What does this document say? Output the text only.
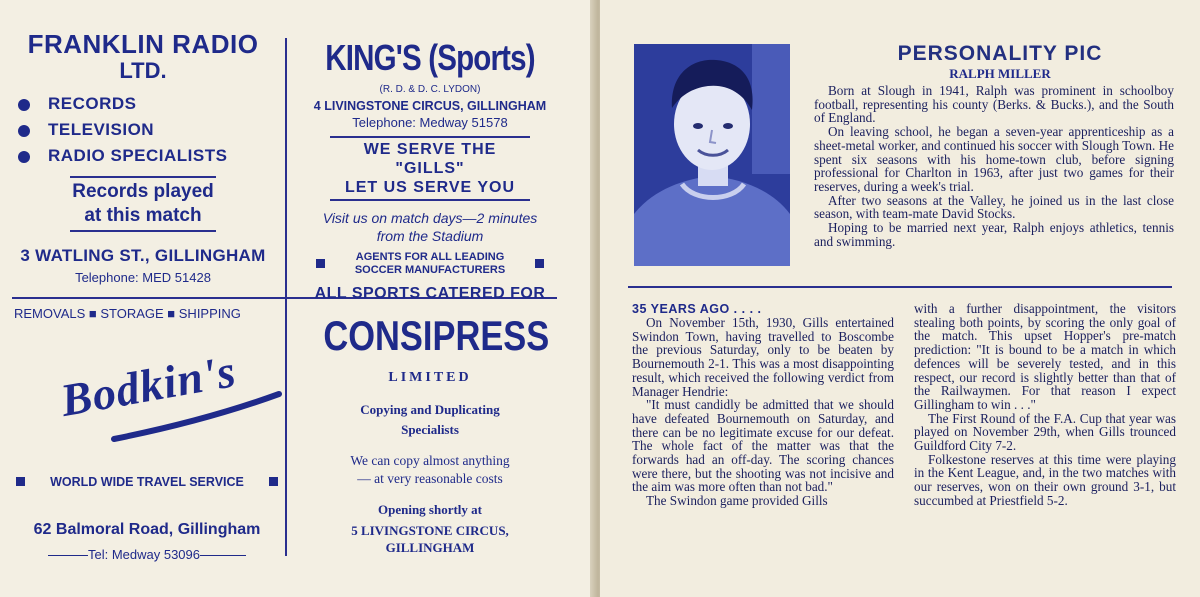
FRANKLIN RADIO
LTD.
RECORDS
TELEVISION
RADIO SPECIALISTS
Records played
at this match
3 WATLING ST., GILLINGHAM
Telephone: MED 51428
KING'S (Sports)
(R. D. & D. C. LYDON)
4 LIVINGSTONE CIRCUS, GILLINGHAM
Telephone: Medway 51578
WE SERVE THE "GILLS"
LET US SERVE YOU
Visit us on match days—2 minutes
from the Stadium
AGENTS FOR ALL LEADING
SOCCER MANUFACTURERS
ALL SPORTS CATERED FOR
REMOVALS ■ STORAGE ■ SHIPPING
Bodkin's
WORLD WIDE TRAVEL SERVICE
62 Balmoral Road, Gillingham
Tel: Medway 53096
CONSIPRESS
LIMITED
Copying and Duplicating
Specialists
We can copy almost anything
— at very reasonable costs
Opening shortly at
5 LIVINGSTONE CIRCUS,
GILLINGHAM
PERSONALITY PIC
RALPH MILLER

Born at Slough in 1941, Ralph was prominent in schoolboy football, representing his county (Berks. & Bucks.), and the South of England.

On leaving school, he began a seven-year apprenticeship as a sheet-metal worker, and continued his soccer with Slough Town. He spent six seasons with his home-town club, before signing professional for Charlton in 1963, after just two games for their reserves, during a week's trial.

After two seasons at the Valley, he joined us in the last close season, with team-mate David Stocks.

Hoping to be married next year, Ralph enjoys athletics, tennis and swimming.

35 YEARS AGO . . . .

On November 15th, 1930, Gills entertained Swindon Town, having travelled to Boscombe the previous Saturday, only to be beaten by Bournemouth 2-1. This was a most disappointing result, which received the following verdict from Manager Hendrie:

"It must candidly be admitted that we should have defeated Bournemouth on Saturday, and there can be no legitimate excuse for our defeat. The whole fact of the matter was that the forwards had an off-day. The scoring chances were there, but the shooting was not incisive and the aim was more often than not bad."

The Swindon game provided Gills

with a further disappointment, the visitors stealing both points, by scoring the only goal of the match. This upset Hopper's pre-match prediction: "It is bound to be a match in which defences will be severely tested, and in this respect, our record is slightly better than that of the Railwaymen. For that reason I expect Gillingham to win . . ."

The First Round of the F.A. Cup that year was played on November 29th, when Gills trounced Guildford City 7-2.

Folkestone reserves at this time were playing in the Kent League, and, in the two matches with our reserves, won on their own ground 3-1, but succumbed at Priestfield 5-2.
